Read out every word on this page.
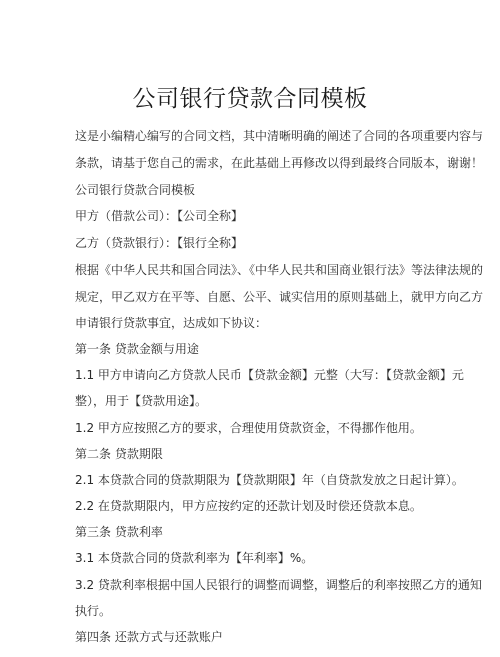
公司银行贷款合同模板
这是小编精心编写的合同文档，其中清晰明确的阐述了合同的各项重要内容与
条款，请基于您自己的需求，在此基础上再修改以得到最终合同版本，谢谢！
公司银行贷款合同模板
甲方（借款公司）：【公司全称】
乙方（贷款银行）：【银行全称】
根据《中华人民共和国合同法》、《中华人民共和国商业银行法》等法律法规的
规定，甲乙双方在平等、自愿、公平、诚实信用的原则基础上，就甲方向乙方
申请银行贷款事宜，达成如下协议：
第一条 贷款金额与用途
1.1 甲方申请向乙方贷款人民币【贷款金额】元整（大写：【贷款金额】元
整），用于【贷款用途】。
1.2 甲方应按照乙方的要求，合理使用贷款资金，不得挪作他用。
第二条 贷款期限
2.1 本贷款合同的贷款期限为【贷款期限】年（自贷款发放之日起计算）。
2.2 在贷款期限内，甲方应按约定的还款计划及时偿还贷款本息。
第三条 贷款利率
3.1 本贷款合同的贷款利率为【年利率】%。
3.2 贷款利率根据中国人民银行的调整而调整，调整后的利率按照乙方的通知
执行。
第四条 还款方式与还款账户
